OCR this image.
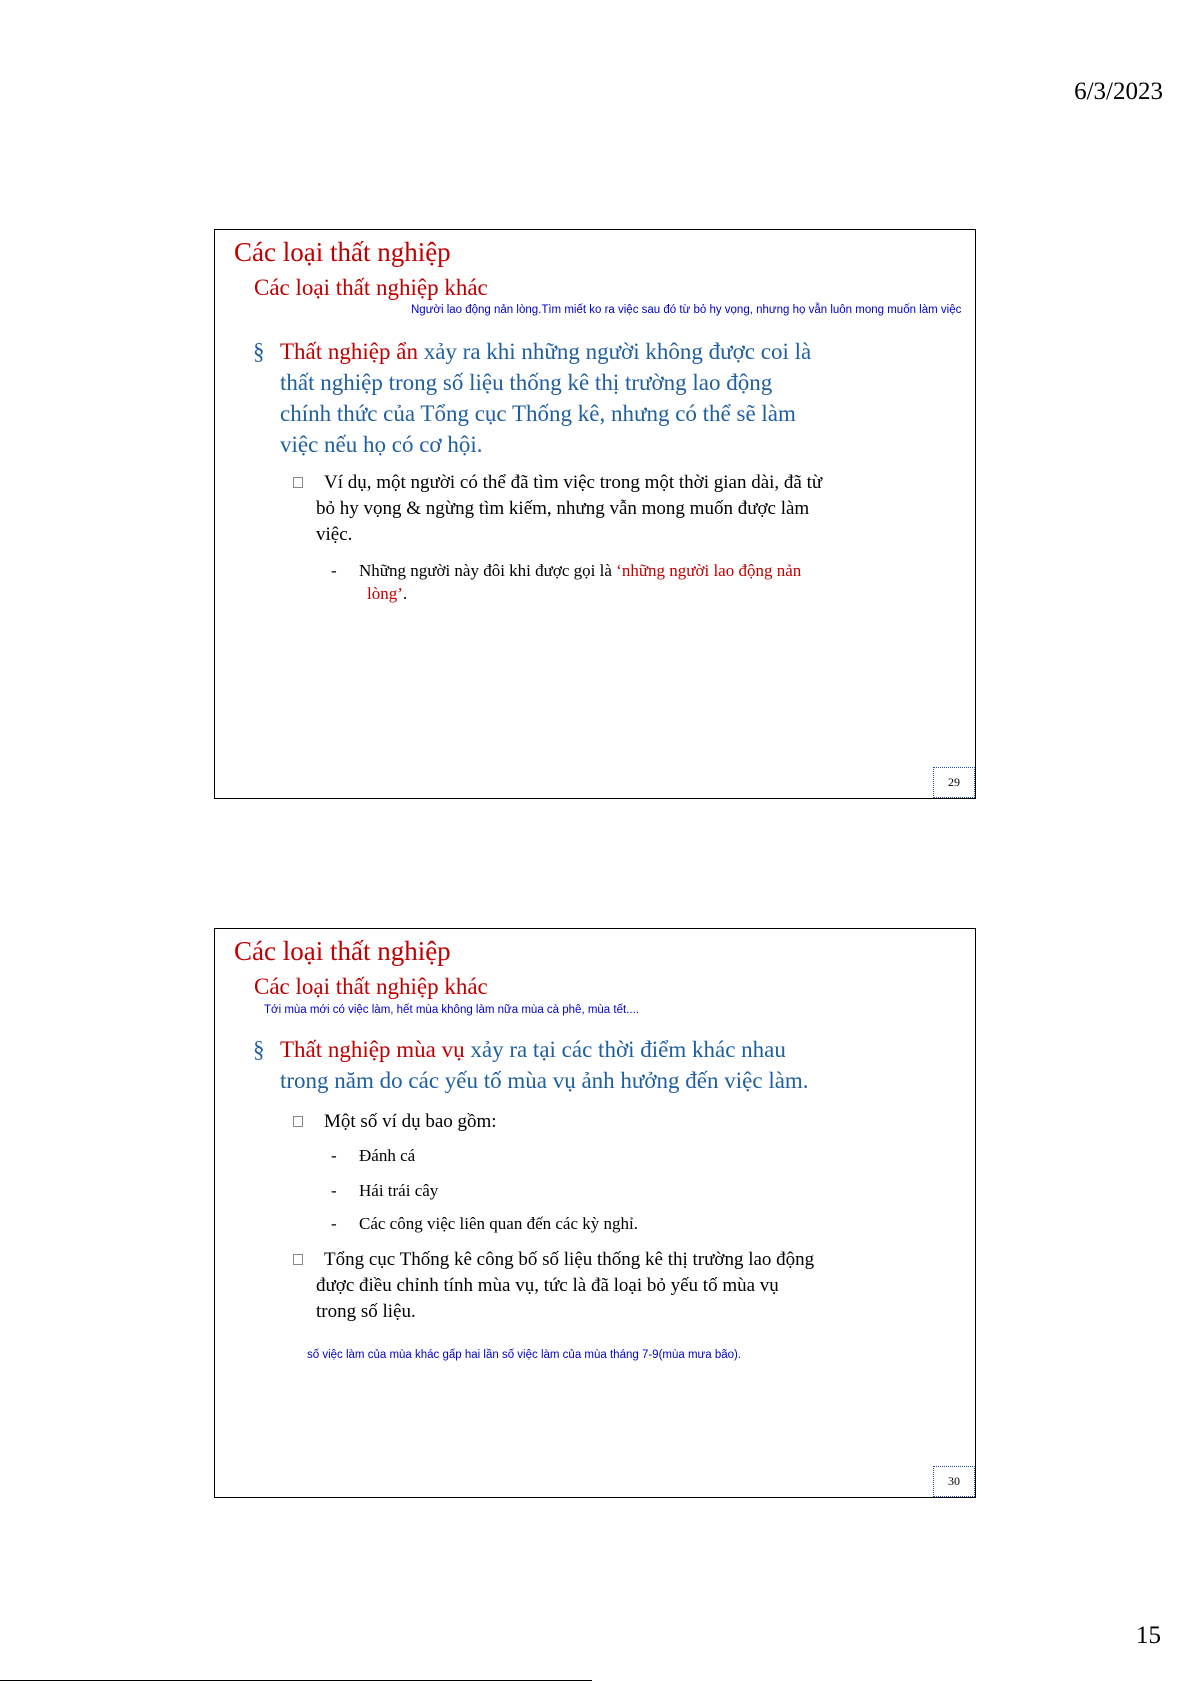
6/3/2023
Các loại thất nghiệp
Các loại thất nghiệp khác
Người lao động nản lòng.Tìm miết ko ra việc sau đó từ bỏ hy vọng, nhưng họ vẫn luôn mong muốn làm việc
§ Thất nghiệp ẩn xảy ra khi những người không được coi là
thất nghiệp trong số liệu thống kê thị trường lao động
chính thức của Tổng cục Thống kê, nhưng có thể sẽ làm
việc nếu họ có cơ hội.
Ví dụ, một người có thể đã tìm việc trong một thời gian dài, đã từ

bỏ hy vọng & ngừng tìm kiếm, nhưng vẫn mong muốn được làm
việc.
- Những người này đôi khi được gọi là ‘những người lao động nản
lòng’.
29
Các loại thất nghiệp
Các loại thất nghiệp khác
Tới mùa mới có việc làm, hết mùa không làm nữa mùa cà phê, mùa tết....
§ Thất nghiệp mùa vụ xảy ra tại các thời điểm khác nhau
trong năm do các yếu tố mùa vụ ảnh hưởng đến việc làm.
Một số ví dụ bao gồm:
- Đánh cá
- Hái trái cây
- Các công việc liên quan đến các kỳ nghỉ.
Tổng cục Thống kê công bố số liệu thống kê thị trường lao động

được điều chỉnh tính mùa vụ, tức là đã loại bỏ yếu tố mùa vụ
trong số liệu.
số việc làm của mùa khác gấp hai lần số việc làm của mùa tháng 7-9(mùa mưa bão).
30
15
